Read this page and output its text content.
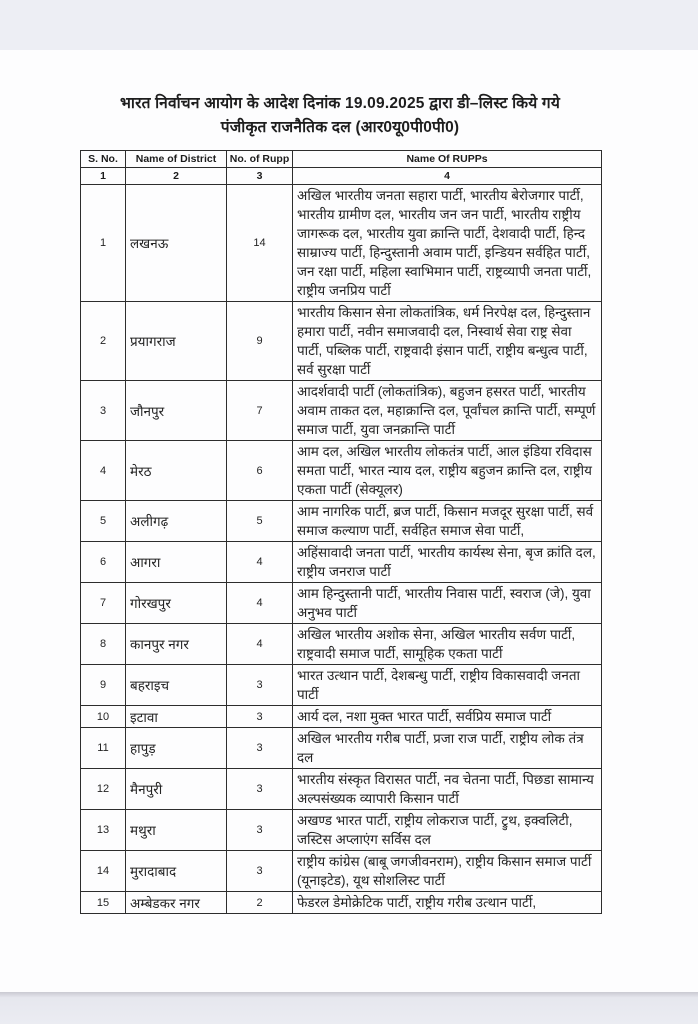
भारत निर्वाचन आयोग के आदेश दिनांक 19.09.2025 द्वारा डी–लिस्ट किये गये
पंजीकृत राजनैतिक दल (आर0यू0पी0पी0)
S. No.	Name of District	No. of Rupp	Name Of RUPPs
1	2	3	4
1	लखनऊ	14	अखिल भारतीय जनता सहारा पार्टी, भारतीय बेरोजगार पार्टी, भारतीय ग्रामीण दल, भारतीय जन जन पार्टी, भारतीय राष्ट्रीय जागरूक दल, भारतीय युवा क्रान्ति पार्टी, देशवादी पार्टी, हिन्द साम्राज्य पार्टी, हिन्दुस्तानी अवाम पार्टी, इन्डियन सर्वहित पार्टी, जन रक्षा पार्टी, महिला स्वाभिमान पार्टी, राष्ट्रव्यापी जनता पार्टी, राष्ट्रीय जनप्रिय पार्टी
2	प्रयागराज	9	भारतीय किसान सेना लोकतांत्रिक, धर्म निरपेक्ष दल, हिन्दुस्तान हमारा पार्टी, नवीन समाजवादी दल, निस्वार्थ सेवा राष्ट्र सेवा पार्टी, पब्लिक पार्टी, राष्ट्रवादी इंसान पार्टी, राष्ट्रीय बन्धुत्व पार्टी, सर्व सुरक्षा पार्टी
3	जौनपुर	7	आदर्शवादी पार्टी (लोकतांत्रिक), बहुजन हसरत पार्टी, भारतीय अवाम ताकत दल, महाक्रान्ति दल, पूर्वांचल क्रान्ति पार्टी, सम्पूर्ण समाज पार्टी, युवा जनक्रान्ति पार्टी
4	मेरठ	6	आम दल, अखिल भारतीय लोकतंत्र पार्टी, आल इंडिया रविदास समता पार्टी, भारत न्याय दल, राष्ट्रीय बहुजन क्रान्ति दल, राष्ट्रीय एकता पार्टी (सेक्यूलर)
5	अलीगढ़	5	आम नागरिक पार्टी, ब्रज पार्टी, किसान मजदूर सुरक्षा पार्टी, सर्व समाज कल्याण पार्टी, सर्वहित समाज सेवा पार्टी,
6	आगरा	4	अहिंसावादी जनता पार्टी, भारतीय कार्यस्थ सेना, बृज क्रांति दल, राष्ट्रीय जनराज पार्टी
7	गोरखपुर	4	आम हिन्दुस्तानी पार्टी, भारतीय निवास पार्टी, स्वराज (जे), युवा अनुभव पार्टी
8	कानपुर नगर	4	अखिल भारतीय अशोक सेना, अखिल भारतीय सर्वण पार्टी, राष्ट्रवादी समाज पार्टी, सामूहिक एकता पार्टी
9	बहराइच	3	भारत उत्थान पार्टी, देशबन्धु पार्टी, राष्ट्रीय विकासवादी जनता पार्टी
10	इटावा	3	आर्य दल, नशा मुक्त भारत पार्टी, सर्वप्रिय समाज पार्टी
11	हापुड़	3	अखिल भारतीय गरीब पार्टी, प्रजा राज पार्टी, राष्ट्रीय लोक तंत्र दल
12	मैनपुरी	3	भारतीय संस्कृत विरासत पार्टी, नव चेतना पार्टी, पिछडा सामान्य अल्पसंख्यक व्यापारी किसान पार्टी
13	मथुरा	3	अखण्ड भारत पार्टी, राष्ट्रीय लोकराज पार्टी, ट्रुथ, इक्वलिटी, जस्टिस अप्लाएंग सर्विस दल
14	मुरादाबाद	3	राष्ट्रीय कांग्रेस (बाबू जगजीवनराम), राष्ट्रीय किसान समाज पार्टी (यूनाइटेड), यूथ सोशलिस्ट पार्टी
15	अम्बेडकर नगर	2	फेडरल डेमोक्रेटिक पार्टी, राष्ट्रीय गरीब उत्थान पार्टी,
